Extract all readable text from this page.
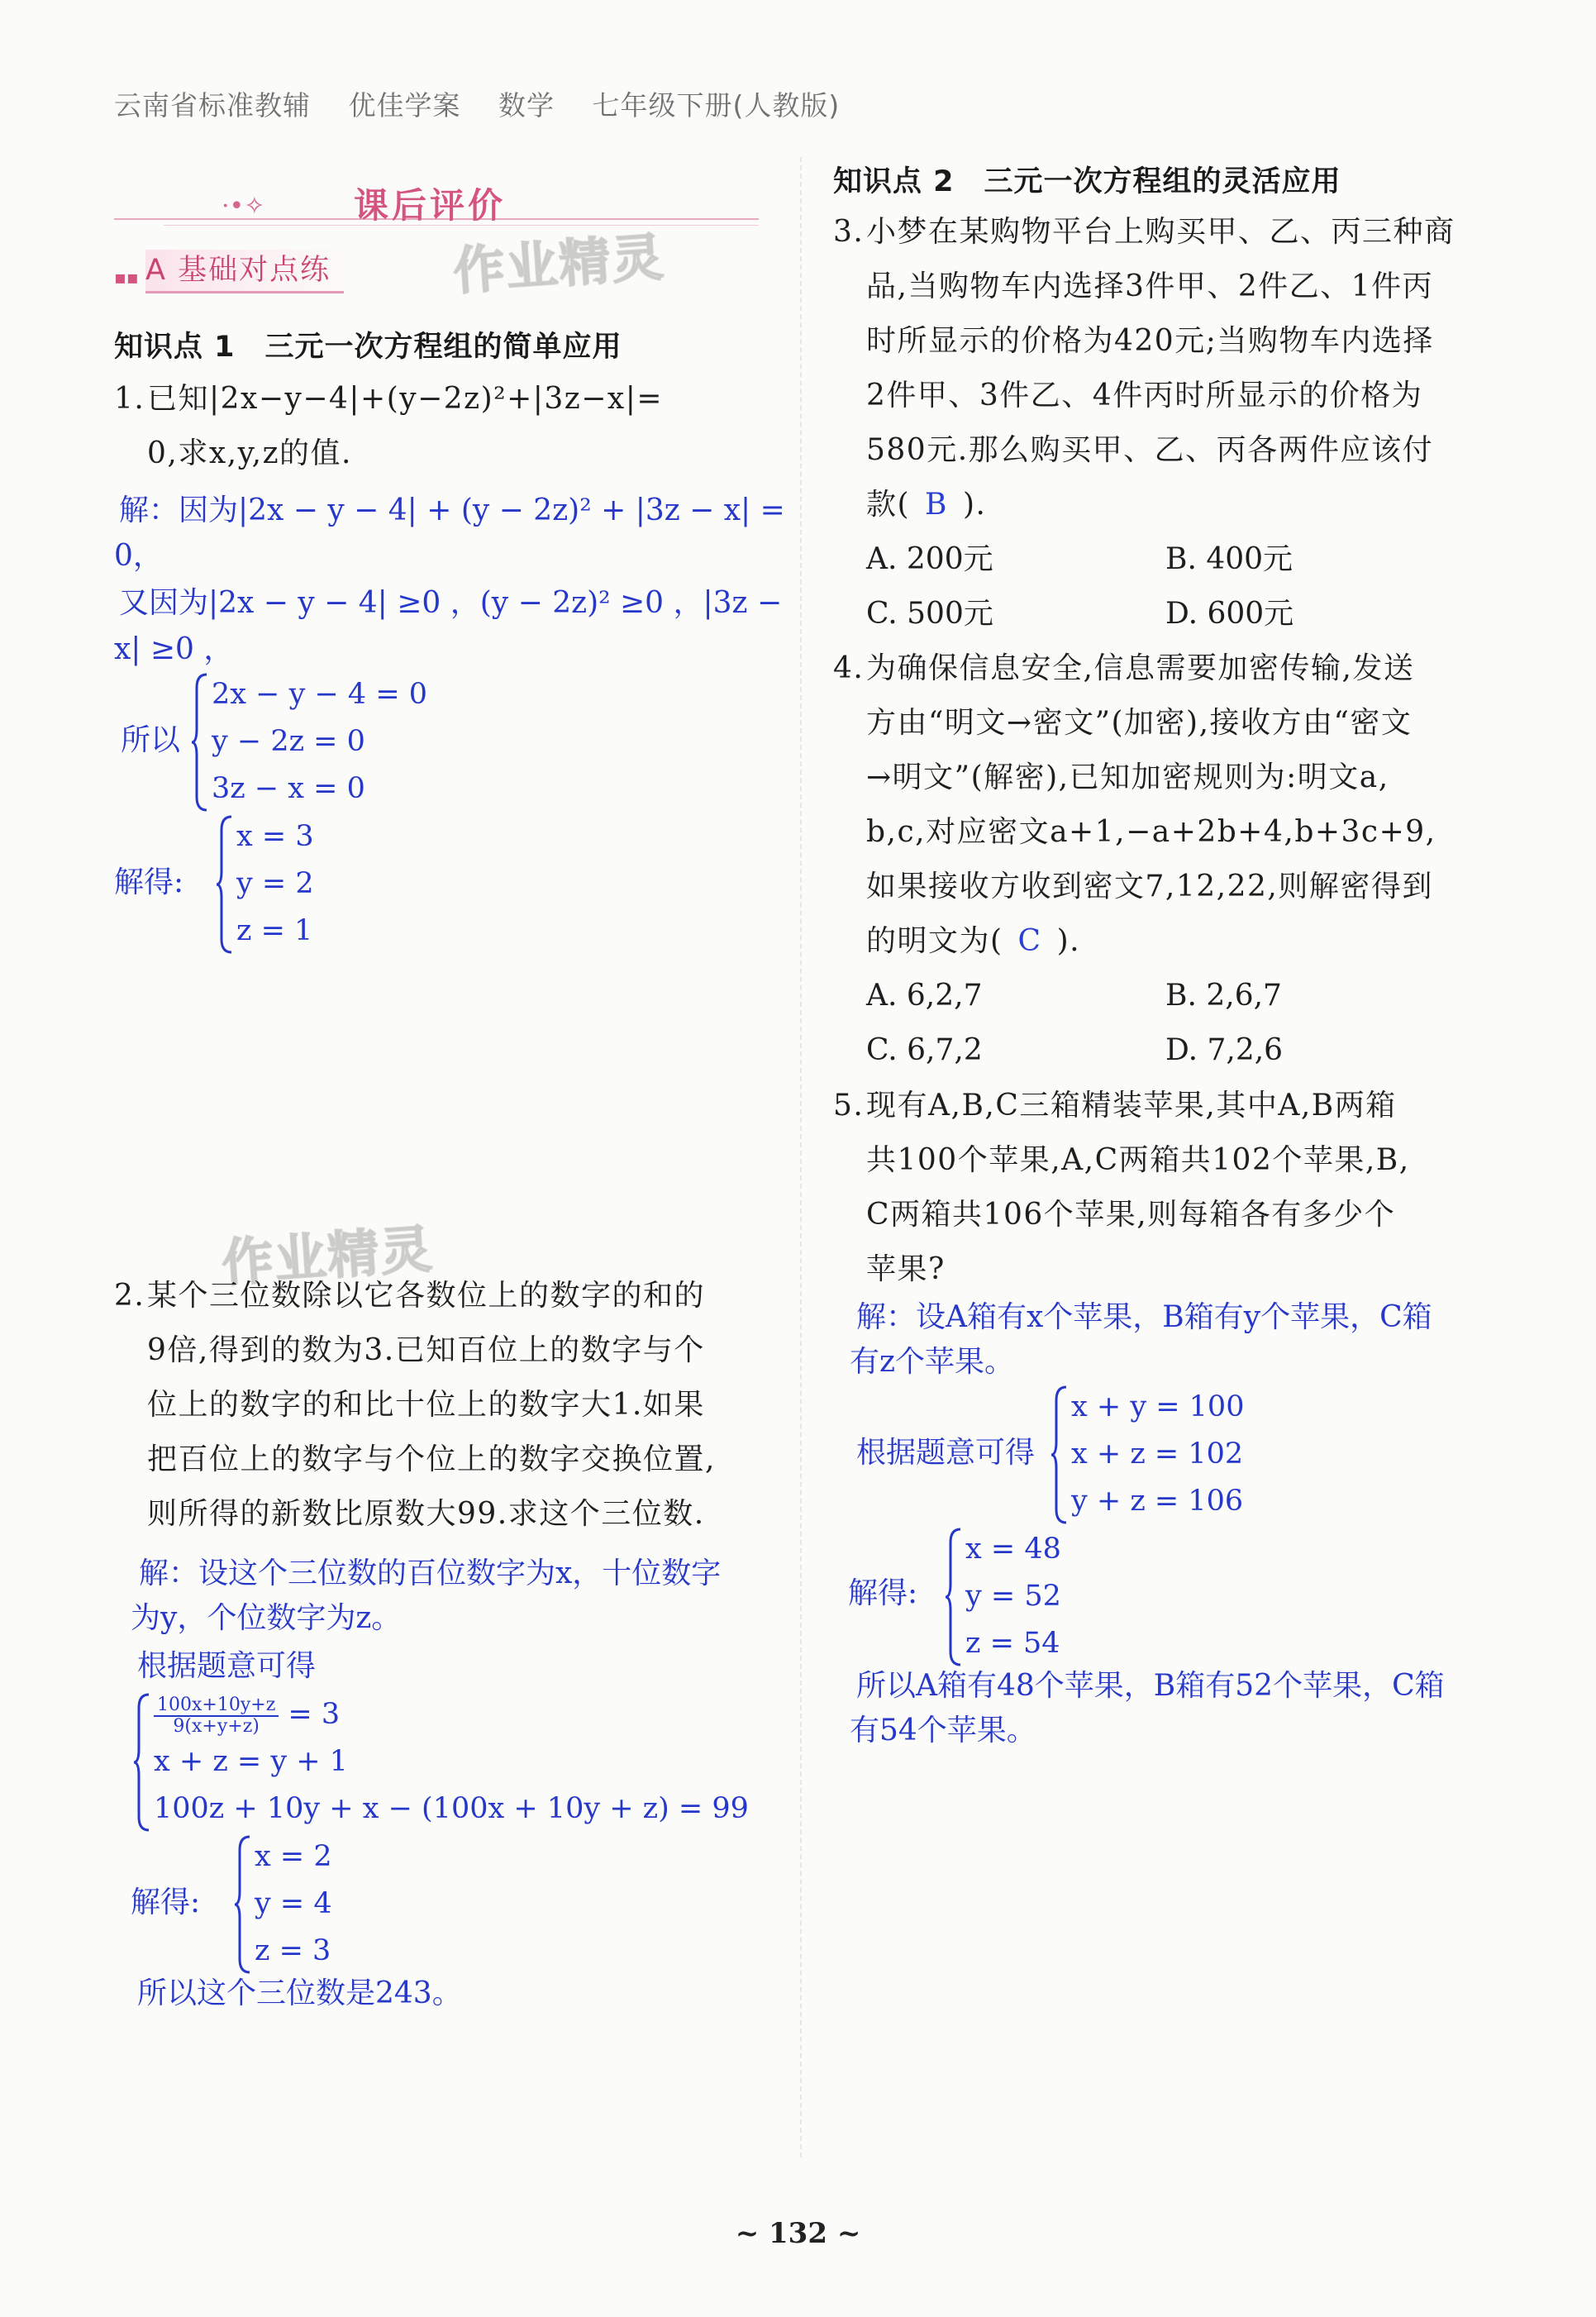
云南省标准教辅 优佳学案 数学 七年级下册(人教版)
·•✧	课后评价
作业精灵
▪▪ A 基础对点练
知识点 1　三元一次方程组的简单应用
1. 已知|2x−y−4|+(y−2z)²+|3z−x|=
0,求x,y,z的值.
解：因为|2x − y − 4| + (y − 2z)² + |3z − x| =
0，
又因为|2x − y − 4| ≥0 ，(y − 2z)² ≥0 ，|3z −
x| ≥0 ，
所以
2x − y − 4 = 0
y − 2z = 0
3z − x = 0
解得:
x = 3
y = 2
z = 1
作业精灵
2. 某个三位数除以它各数位上的数字的和的
9倍,得到的数为3.已知百位上的数字与个
位上的数字的和比十位上的数字大1.如果
把百位上的数字与个位上的数字交换位置,
则所得的新数比原数大99.求这个三位数.
解：设这个三位数的百位数字为x，十位数字
为y，个位数字为z。
根据题意可得
$\frac{100x+10y+z}{9(x+y+z)} = 3$
x + z = y + 1
100z + 10y + x − (100x + 10y + z) = 99
解得:
x = 2
y = 4
z = 3
所以这个三位数是243。
知识点 2　三元一次方程组的灵活应用
3. 小梦在某购物平台上购买甲、乙、丙三种商
品,当购物车内选择3件甲、2件乙、1件丙
时所显示的价格为420元;当购物车内选择
2件甲、3件乙、4件丙时所显示的价格为
580元.那么购买甲、乙、丙各两件应该付
款( B ).
A. 200元	B. 400元
C. 500元	D. 600元
4. 为确保信息安全,信息需要加密传输,发送
方由“明文→密文”(加密),接收方由“密文
→明文”(解密),已知加密规则为:明文a,
b,c,对应密文a+1,−a+2b+4,b+3c+9,
如果接收方收到密文7,12,22,则解密得到
的明文为( C ).
A. 6,2,7	B. 2,6,7
C. 6,7,2	D. 7,2,6
5. 现有A,B,C三箱精装苹果,其中A,B两箱
共100个苹果,A,C两箱共102个苹果,B,
C两箱共106个苹果,则每箱各有多少个
苹果?
解：设A箱有x个苹果，B箱有y个苹果，C箱
有z个苹果。
根据题意可得
x + y = 100
x + z = 102
y + z = 106
解得:
x = 48
y = 52
z = 54
所以A箱有48个苹果，B箱有52个苹果，C箱
有54个苹果。
~ 132 ~
